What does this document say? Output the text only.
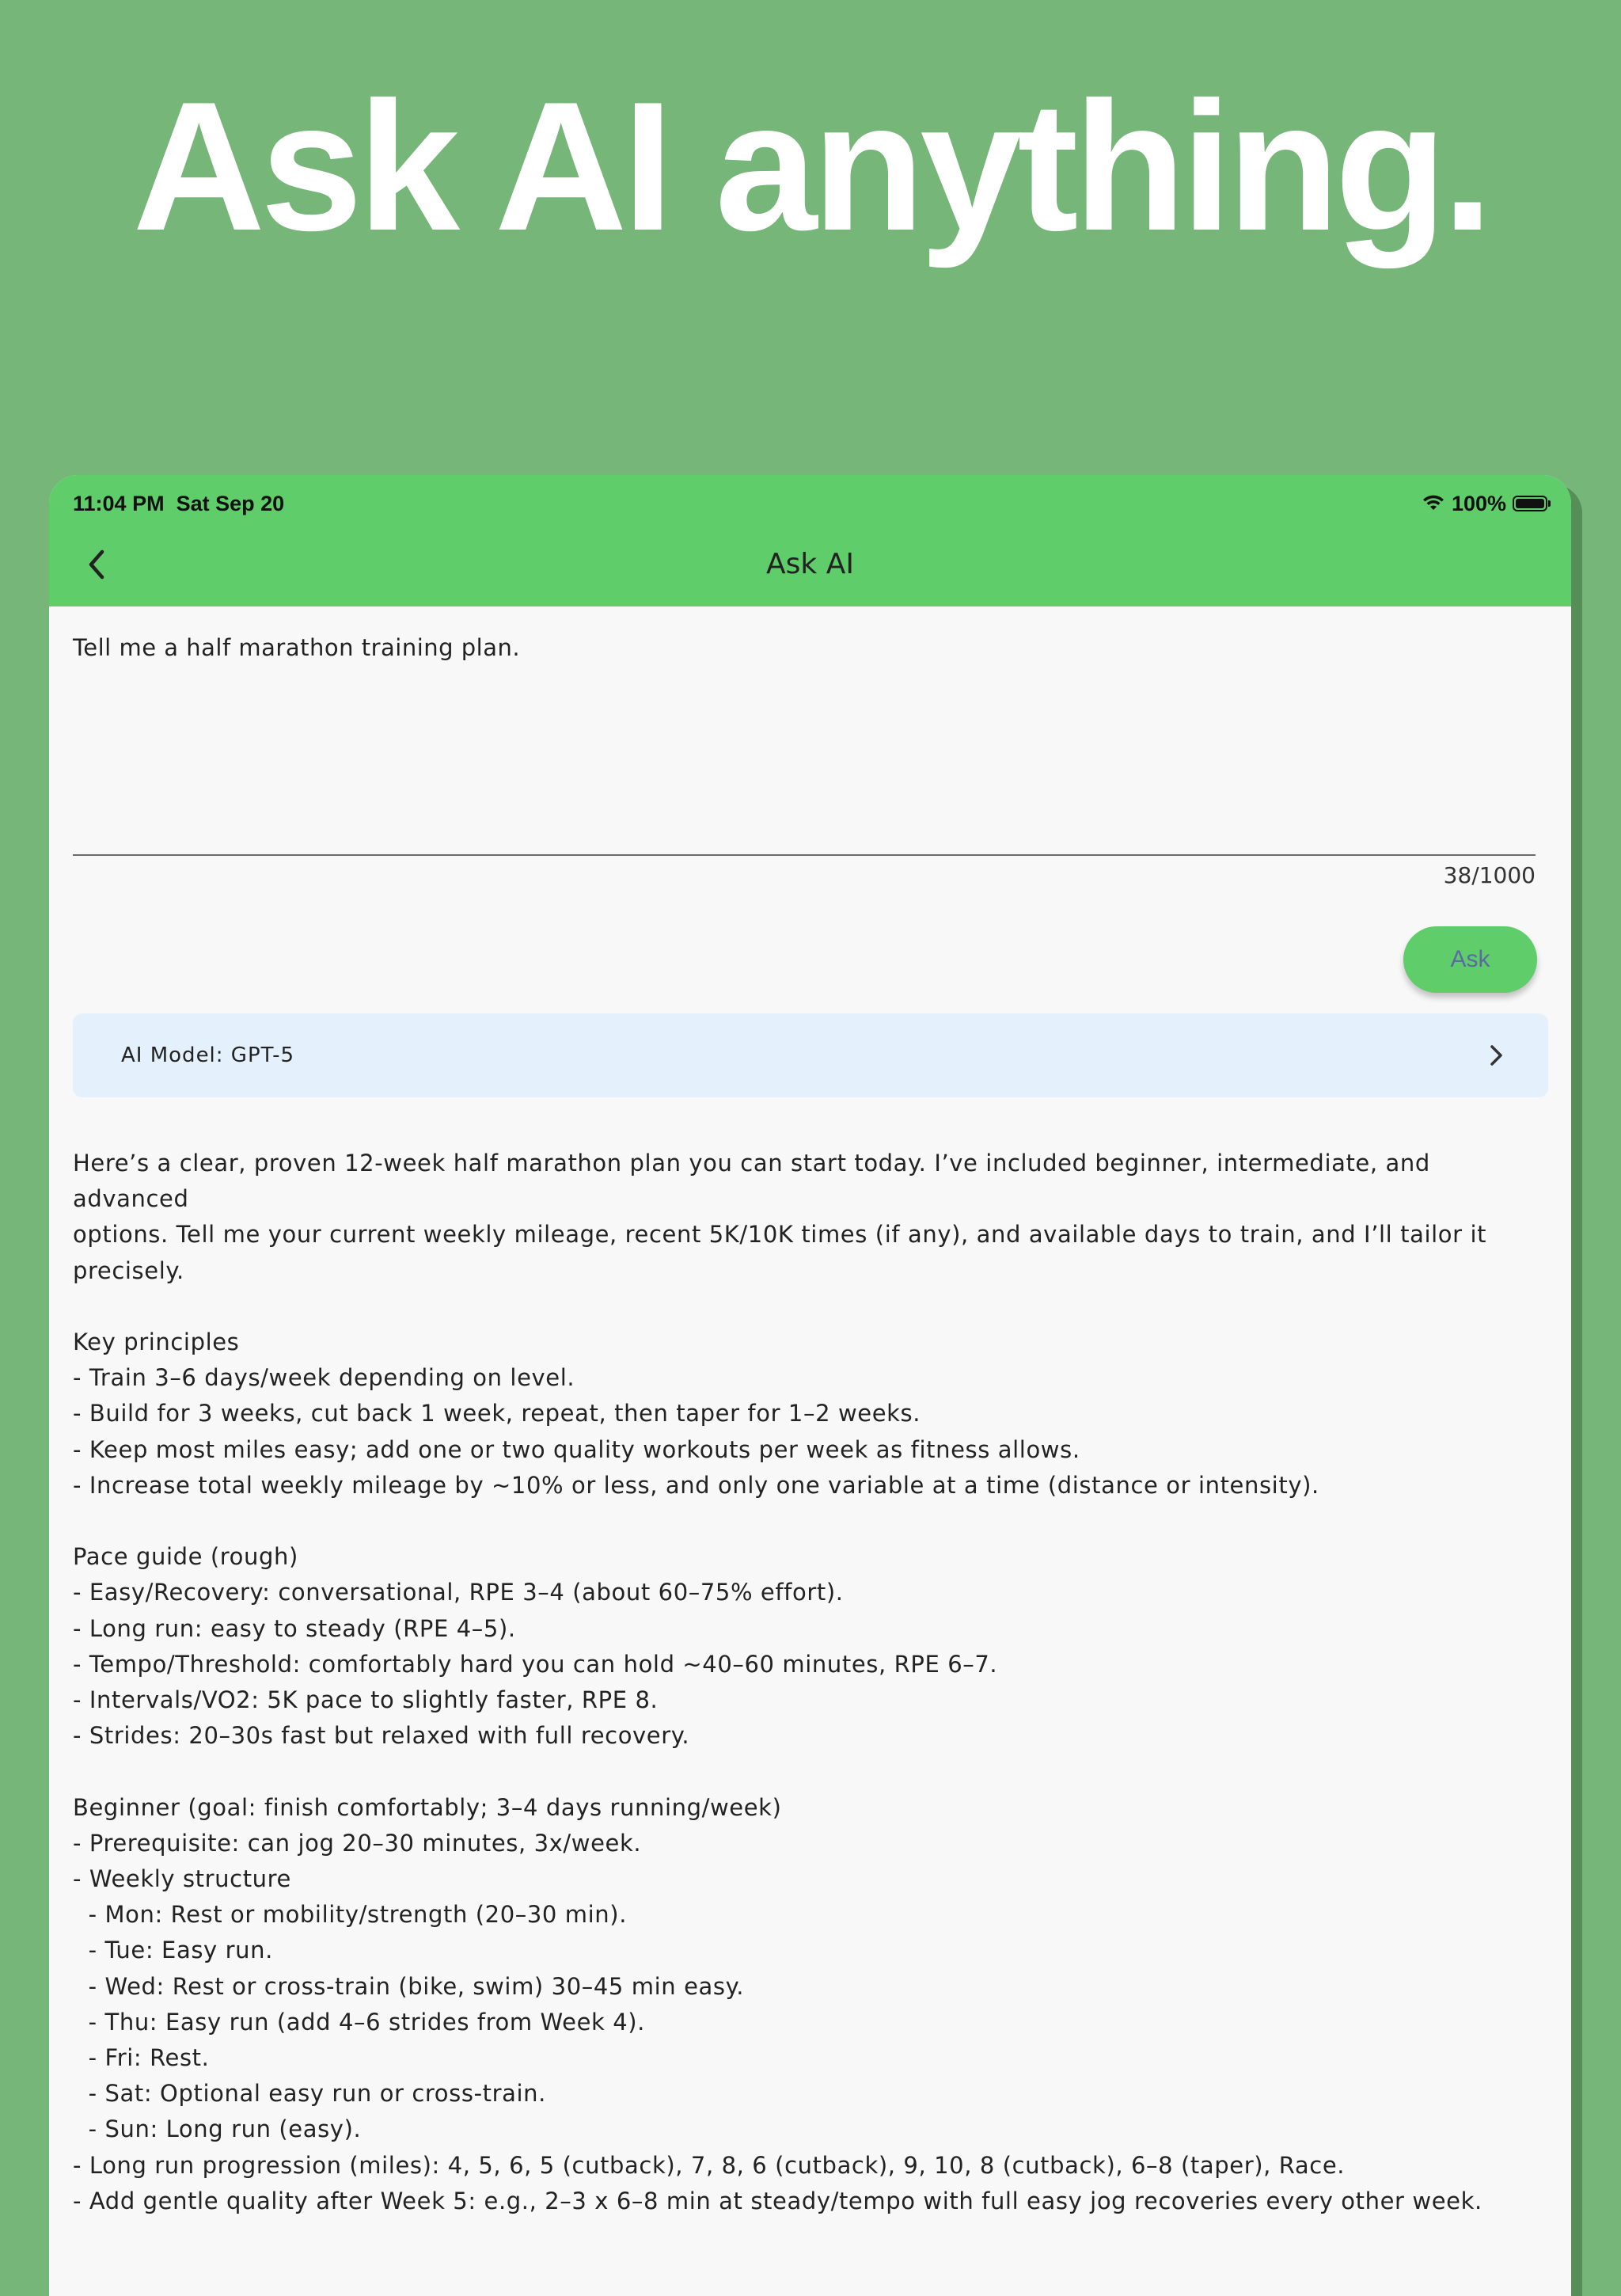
Ask AI anything.
11:04 PM Sat Sep 20	100%
Ask AI
Tell me a half marathon training plan.
38/1000
Ask
AI Model: GPT-5

Here’s a clear, proven 12-week half marathon plan you can start today. I’ve included beginner, intermediate, and advanced

options. Tell me your current weekly mileage, recent 5K/10K times (if any), and available days to train, and I’ll tailor it

precisely.

Key principles

- Train 3–6 days/week depending on level.

- Build for 3 weeks, cut back 1 week, repeat, then taper for 1–2 weeks.

- Keep most miles easy; add one or two quality workouts per week as fitness allows.

- Increase total weekly mileage by ~10% or less, and only one variable at a time (distance or intensity).

Pace guide (rough)

- Easy/Recovery: conversational, RPE 3–4 (about 60–75% effort).

- Long run: easy to steady (RPE 4–5).

- Tempo/Threshold: comfortably hard you can hold ~40–60 minutes, RPE 6–7.

- Intervals/VO2: 5K pace to slightly faster, RPE 8.

- Strides: 20–30s fast but relaxed with full recovery.

Beginner (goal: finish comfortably; 3–4 days running/week)

- Prerequisite: can jog 20–30 minutes, 3x/week.

- Weekly structure

- Mon: Rest or mobility/strength (20–30 min).

- Tue: Easy run.

- Wed: Rest or cross-train (bike, swim) 30–45 min easy.

- Thu: Easy run (add 4–6 strides from Week 4).

- Fri: Rest.

- Sat: Optional easy run or cross-train.

- Sun: Long run (easy).

- Long run progression (miles): 4, 5, 6, 5 (cutback), 7, 8, 6 (cutback), 9, 10, 8 (cutback), 6–8 (taper), Race.

- Add gentle quality after Week 5: e.g., 2–3 x 6–8 min at steady/tempo with full easy jog recoveries every other week.
